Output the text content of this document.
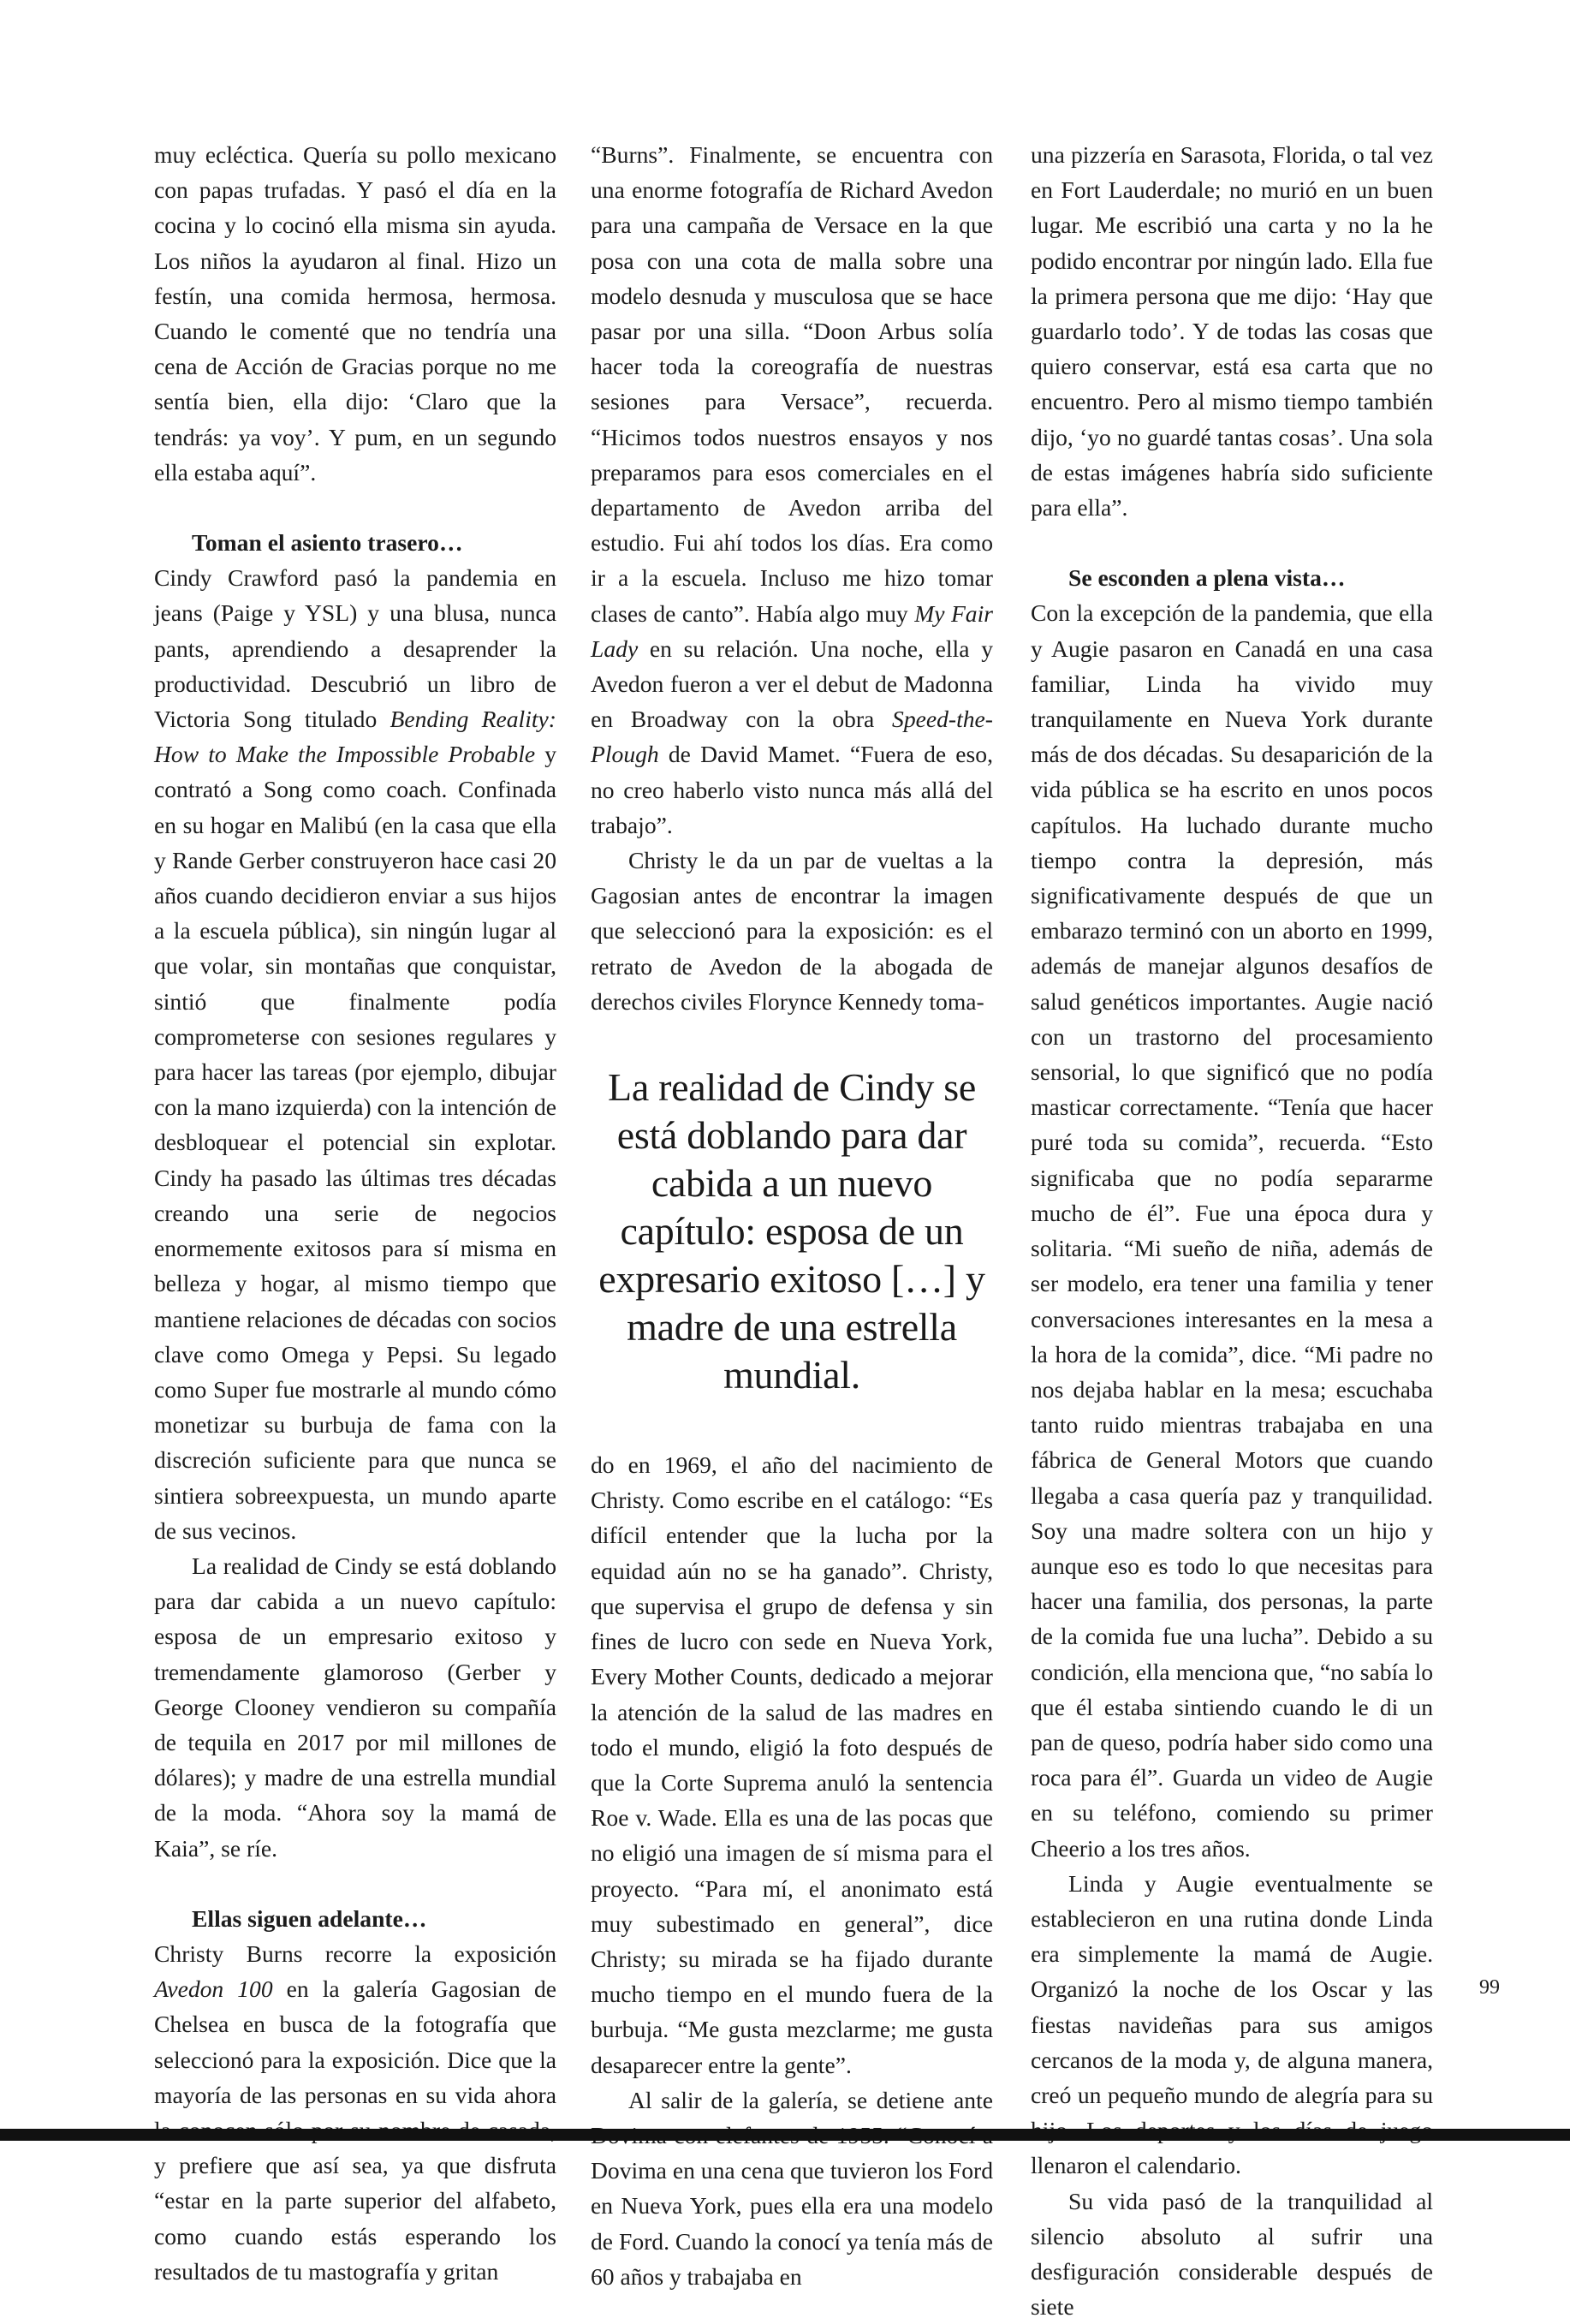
muy ecléctica. Quería su pollo mexicano con papas trufadas. Y pasó el día en la cocina y lo cocinó ella misma sin ayuda. Los niños la ayudaron al final. Hizo un festín, una comida hermosa, hermosa. Cuando le comenté que no tendría una cena de Acción de Gracias porque no me sentía bien, ella dijo: ‘Claro que la tendrás: ya voy’. Y pum, en un segundo ella estaba aquí”.

Toman el asiento trasero…

Cindy Crawford pasó la pandemia en jeans (Paige y YSL) y una blusa, nunca pants, aprendiendo a desaprender la productividad. Descubrió un libro de Victoria Song titulado Bending Reality: How to Make the Impossible Probable y contrató a Song como coach. Confinada en su hogar en Malibú (en la casa que ella y Rande Gerber construyeron hace casi 20 años cuando decidieron enviar a sus hijos a la escuela pública), sin ningún lugar al que volar, sin montañas que conquistar, sintió que finalmente podía comprometerse con sesiones regulares y para hacer las tareas (por ejemplo, dibujar con la mano izquierda) con la intención de desbloquear el potencial sin explotar. Cindy ha pasado las últimas tres décadas creando una serie de negocios enormemente exitosos para sí misma en belleza y hogar, al mismo tiempo que mantiene relaciones de décadas con socios clave como Omega y Pepsi. Su legado como Super fue mostrarle al mundo cómo monetizar su burbuja de fama con la discreción suficiente para que nunca se sintiera sobreexpuesta, un mundo aparte de sus vecinos.

La realidad de Cindy se está doblando para dar cabida a un nuevo capítulo: esposa de un empresario exitoso y tremendamente glamoroso (Gerber y George Clooney vendieron su compañía de tequila en 2017 por mil millones de dólares); y madre de una estrella mundial de la moda. “Ahora soy la mamá de Kaia”, se ríe.

Ellas siguen adelante…

Christy Burns recorre la exposición Avedon 100 en la galería Gagosian de Chelsea en busca de la fotografía que seleccionó para la exposición. Dice que la mayoría de las personas en su vida ahora y prefiere que así sea, ya que disfruta “estar en la parte superior del alfabeto, como cuando estás esperando los resultados de tu mastografía y gritan

“Burns”. Finalmente, se encuentra con una enorme fotografía de Richard Avedon para una campaña de Versace en la que posa con una cota de malla sobre una modelo desnuda y musculosa que se hace pasar por una silla. “Doon Arbus solía hacer toda la coreografía de nuestras sesiones para Versace”, recuerda. “Hicimos todos nuestros ensayos y nos preparamos para esos comerciales en el departamento de Avedon arriba del estudio. Fui ahí todos los días. Era como ir a la escuela. Incluso me hizo tomar clases de canto”. Había algo muy My Fair Lady en su relación. Una noche, ella y Avedon fueron a ver el debut de Madonna en Broadway con la obra Speed-the-Plough de David Mamet. “Fuera de eso, no creo haberlo visto nunca más allá del trabajo”.

Christy le da un par de vueltas a la Gagosian antes de encontrar la imagen que seleccionó para la exposición: es el retrato de Avedon de la abogada de derechos civiles Florynce Kennedy toma-

La realidad de Cindy se está doblando para dar cabida a un nuevo capítulo: esposa de un expresario exitoso […] y madre de una estrella mundial.

do en 1969, el año del nacimiento de Christy. Como escribe en el catálogo: “Es difícil entender que la lucha por la equidad aún no se ha ganado”. Christy, que supervisa el grupo de defensa y sin fines de lucro con sede en Nueva York, Every Mother Counts, dedicado a mejorar la atención de la salud de las madres en todo el mundo, eligió la foto después de que la Corte Suprema anuló la sentencia Roe v. Wade. Ella es una de las pocas que no eligió una imagen de sí misma para el proyecto. “Para mí, el anonimato está muy subestimado en general”, dice Christy; su mirada se ha fijado durante mucho tiempo en el mundo fuera de la burbuja. “Me gusta mezclarme; me gusta desaparecer entre la gente”.

Al salir de la galería, se detiene ante Dovima en una cena que tuvieron los Ford en Nueva York, pues ella era una modelo de Ford. Cuando la conocí ya tenía más de 60 años y trabajaba en

una pizzería en Sarasota, Florida, o tal vez en Fort Lauderdale; no murió en un buen lugar. Me escribió una carta y no la he podido encontrar por ningún lado. Ella fue la primera persona que me dijo: ‘Hay que guardarlo todo’. Y de todas las cosas que quiero conservar, está esa carta que no encuentro. Pero al mismo tiempo también dijo, ‘yo no guardé tantas cosas’. Una sola de estas imágenes habría sido suficiente para ella”.

Se esconden a plena vista…

Con la excepción de la pandemia, que ella y Augie pasaron en Canadá en una casa familiar, Linda ha vivido muy tranquilamente en Nueva York durante más de dos décadas. Su desaparición de la vida pública se ha escrito en unos pocos capítulos. Ha luchado durante mucho tiempo contra la depresión, más significativamente después de que un embarazo terminó con un aborto en 1999, además de manejar algunos desafíos de salud genéticos importantes. Augie nació con un trastorno del procesamiento sensorial, lo que significó que no podía masticar correctamente. “Tenía que hacer puré toda su comida”, recuerda. “Esto significaba que no podía separarme mucho de él”. Fue una época dura y solitaria. “Mi sueño de niña, además de ser modelo, era tener una familia y tener conversaciones interesantes en la mesa a la hora de la comida”, dice. “Mi padre no nos dejaba hablar en la mesa; escuchaba tanto ruido mientras trabajaba en una fábrica de General Motors que cuando llegaba a casa quería paz y tranquilidad. Soy una madre soltera con un hijo y aunque eso es todo lo que necesitas para hacer una familia, dos personas, la parte de la comida fue una lucha”. Debido a su condición, ella menciona que, “no sabía lo que él estaba sintiendo cuando le di un pan de queso, podría haber sido como una roca para él”. Guarda un video de Augie en su teléfono, comiendo su primer Cheerio a los tres años.

Linda y Augie eventualmente se establecieron en una rutina donde Linda era simplemente la mamá de Augie. Organizó la noche de los Oscar y las fiestas navideñas para sus amigos cercanos de la moda y, de alguna manera, creó un pequeño mundo de alegría para su llenaron el calendario.

Su vida pasó de la tranquilidad al silencio absoluto al sufrir una desfiguración considerable después de siete

99
